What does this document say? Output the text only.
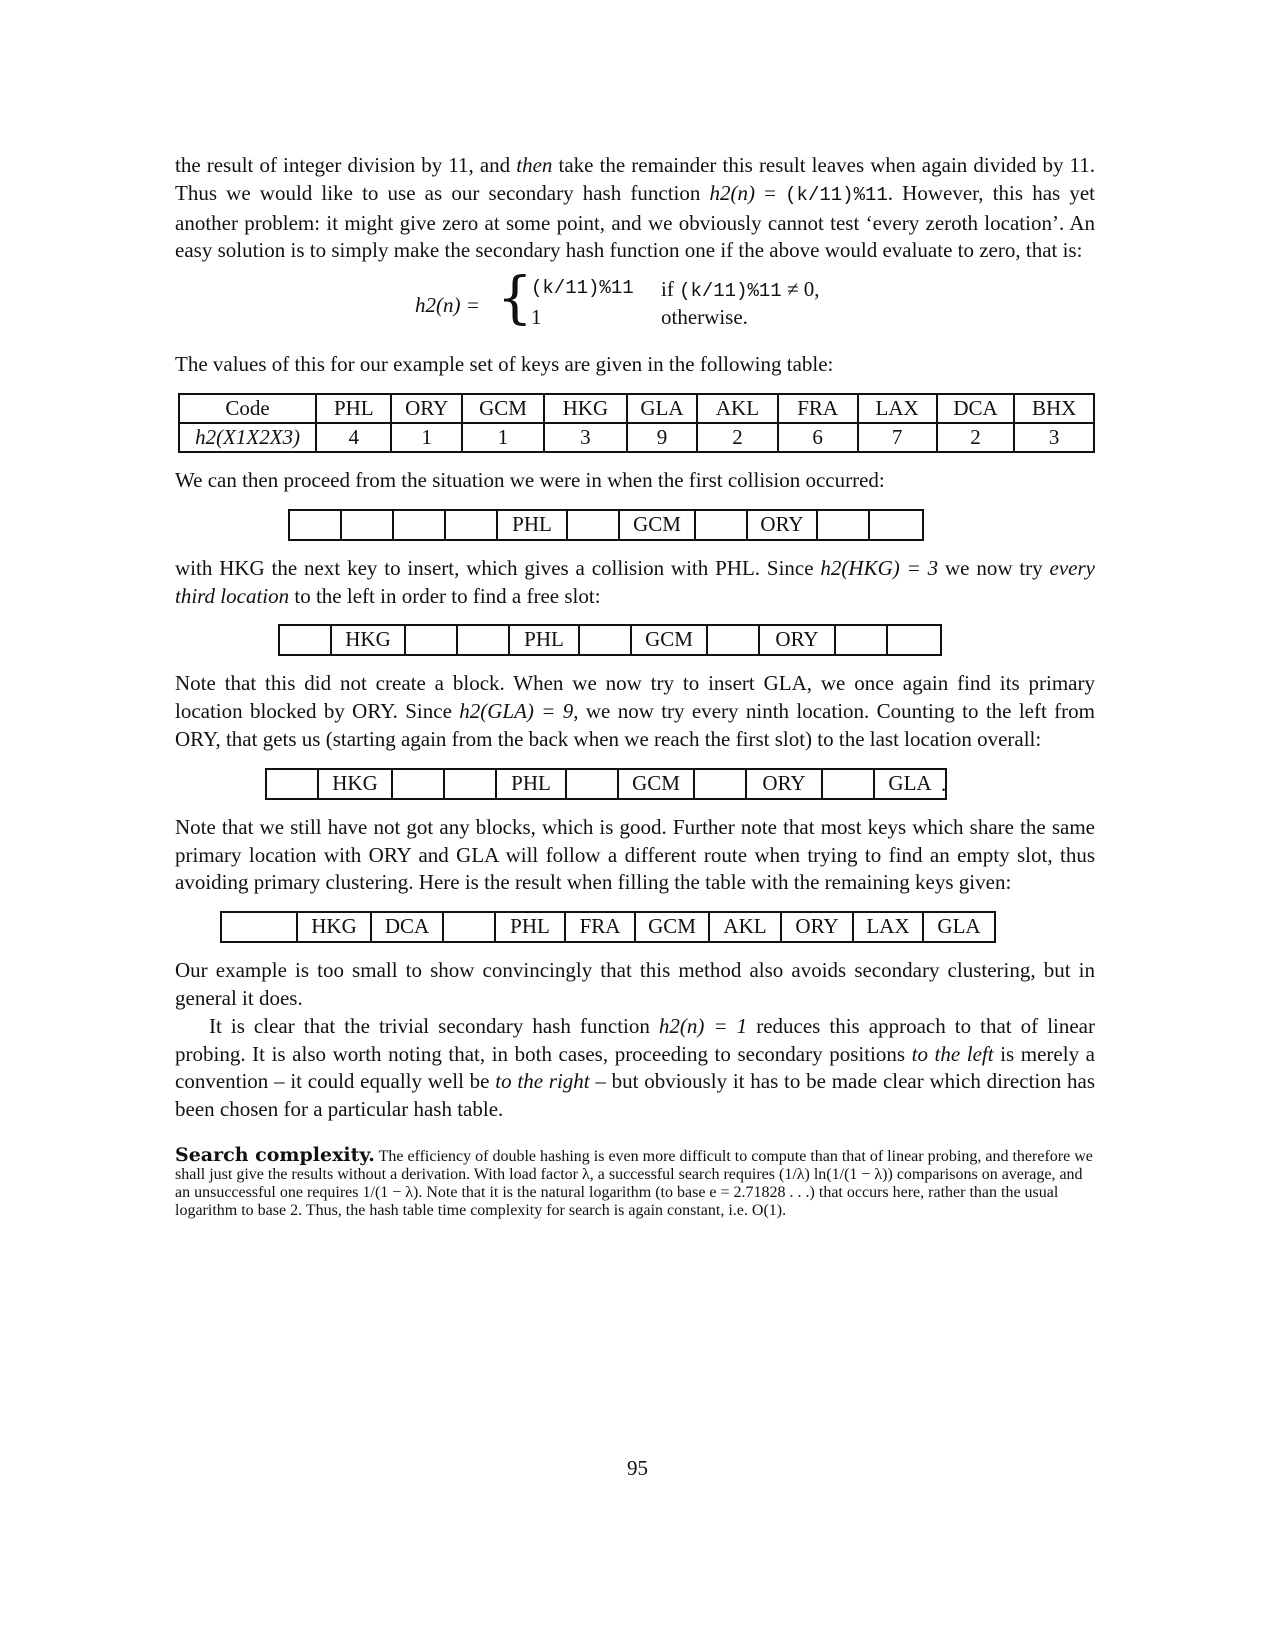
the result of integer division by 11, and then take the remainder this result leaves when again divided by 11. Thus we would like to use as our secondary hash function h2(n) = (k/11)%11. However, this has yet another problem: it might give zero at some point, and we obviously cannot test ‘every zeroth location’. An easy solution is to simply make the secondary hash function one if the above would evaluate to zero, that is:

h2(n) = {
(k/11)%11 if (k/11)%11 ≠ 0,
1	otherwise.

The values of this for our example set of keys are given in the following table:

Code	PHL	ORY	GCM	HKG	GLA	AKL	FRA	LAX	DCA	BHX
h2(X1X2X3)	4	1	1	3	9	2	6	7	2	3

We can then proceed from the situation we were in when the first collision occurred:

PHL	GCM	ORY

with HKG the next key to insert, which gives a collision with PHL. Since h2(HKG) = 3 we now try every third location to the left in order to find a free slot:

HKG	PHL	GCM	ORY

Note that this did not create a block. When we now try to insert GLA, we once again find its primary location blocked by ORY. Since h2(GLA) = 9, we now try every ninth location. Counting to the left from ORY, that gets us (starting again from the back when we reach the first slot) to the last location overall:

HKG	PHL	GCM	ORY	GLA .

Note that we still have not got any blocks, which is good. Further note that most keys which share the same primary location with ORY and GLA will follow a different route when trying to find an empty slot, thus avoiding primary clustering. Here is the result when filling the table with the remaining keys given:

HKG	DCA	PHL	FRA	GCM	AKL	ORY	LAX	GLA

Our example is too small to show convincingly that this method also avoids secondary clustering, but in general it does.

It is clear that the trivial secondary hash function h2(n) = 1 reduces this approach to that of linear probing. It is also worth noting that, in both cases, proceeding to secondary positions to the left is merely a convention – it could equally well be to the right – but obviously it has to be made clear which direction has been chosen for a particular hash table.

Search complexity. The efficiency of double hashing is even more difficult to compute than that of linear probing, and therefore we shall just give the results without a derivation. With load factor λ, a successful search requires (1/λ) ln(1/(1 − λ)) comparisons on average, and an unsuccessful one requires 1/(1 − λ). Note that it is the natural logarithm (to base e = 2.71828 . . .) that occurs here, rather than the usual logarithm to base 2. Thus, the hash table time complexity for search is again constant, i.e. O(1).

95
